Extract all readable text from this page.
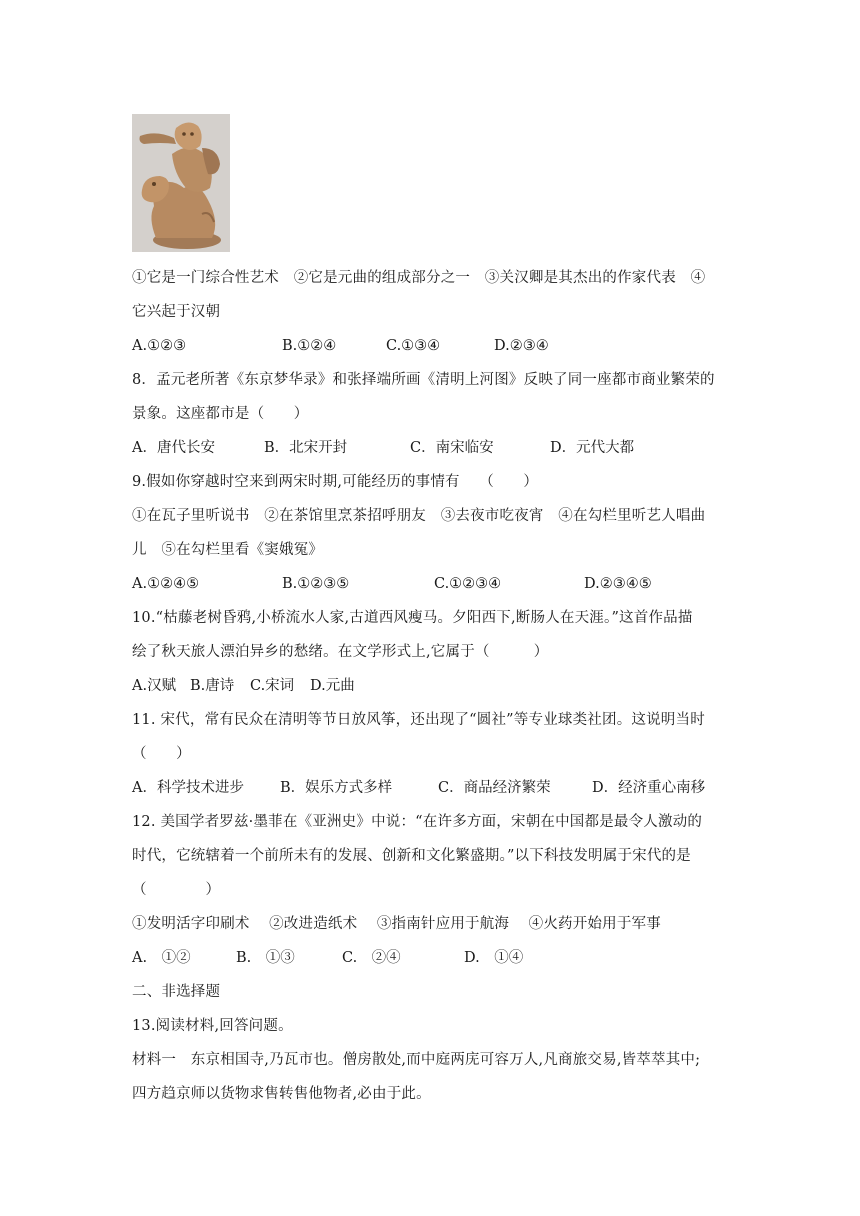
①它是一门综合性艺术　②它是元曲的组成部分之一　③关汉卿是其杰出的作家代表　④
它兴起于汉朝
A.①②③	B.①②④	C.①③④	D.②③④
8．孟元老所著《东京梦华录》和张择端所画《清明上河图》反映了同一座都市商业繁荣的
景象。这座都市是（　　）
A．唐代长安	B．北宋开封	C．南宋临安	D．元代大都
9.假如你穿越时空来到两宋时期,可能经历的事情有　 （　　）
①在瓦子里听说书　②在茶馆里烹茶招呼朋友　③去夜市吃夜宵　④在勾栏里听艺人唱曲
儿　⑤在勾栏里看《窦娥冤》
A.①②④⑤	B.①②③⑤	C.①②③④	D.②③④⑤
10.“枯藤老树昏鸦,小桥流水人家,古道西风瘦马。夕阳西下,断肠人在天涯。”这首作品描
绘了秋天旅人漂泊异乡的愁绪。在文学形式上,它属于（　　　）
A.汉赋 B.唐诗 C.宋词 D.元曲
11. 宋代，常有民众在清明等节日放风筝，还出现了“圆社”等专业球类社团。这说明当时
（　　）
A．科学技术进步 B．娱乐方式多样	C．商品经济繁荣	D．经济重心南移
12. 美国学者罗兹·墨菲在《亚洲史》中说：“在许多方面，宋朝在中国都是最令人激动的
时代，它统辖着一个前所未有的发展、创新和文化繁盛期。”以下科技发明属于宋代的是
（　　　　）
①发明活字印刷术　 ②改进造纸术　 ③指南针应用于航海　 ④火药开始用于军事
A.　①②	B.　①③	C.　②④	D.　①④
二、非选择题
13.阅读材料,回答问题。
材料一　东京相国寺,乃瓦市也。僧房散处,而中庭两庑可容万人,凡商旅交易,皆萃萃其中;
四方趋京师以货物求售转售他物者,必由于此。
